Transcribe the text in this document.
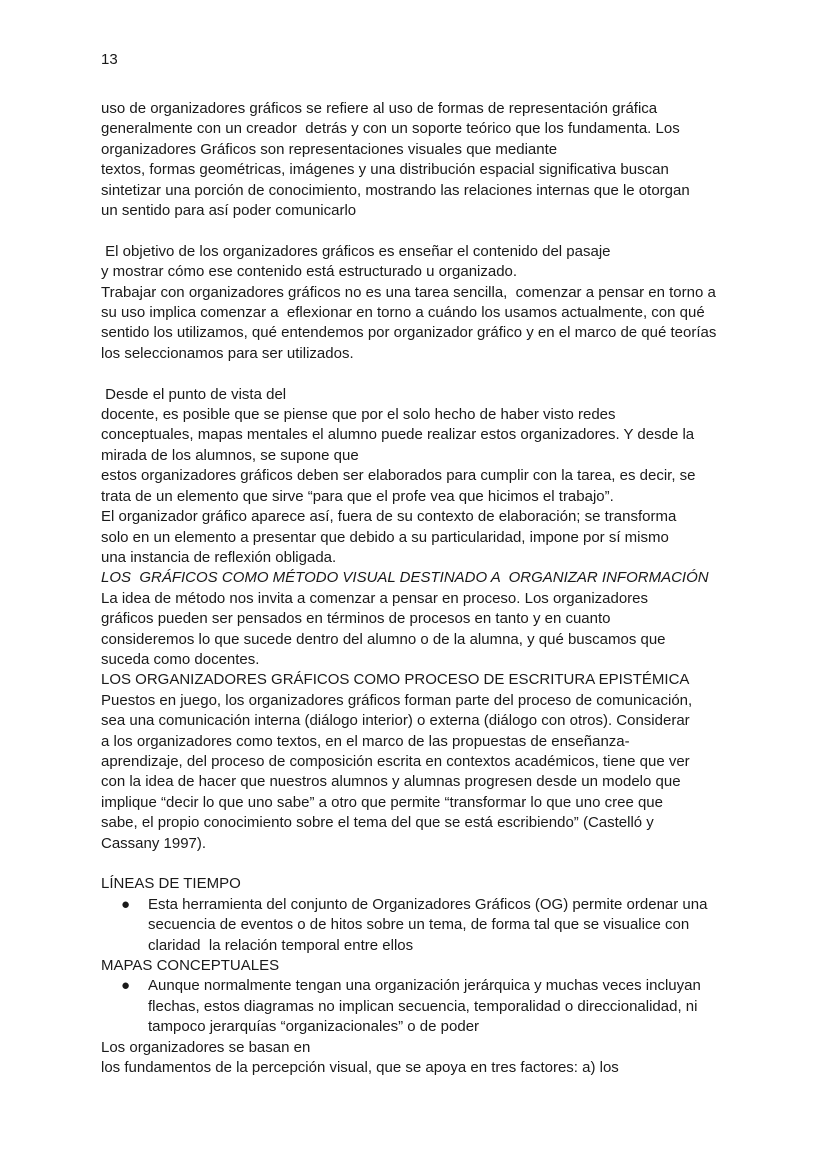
13
uso de organizadores gráficos se refiere al uso de formas de representación gráfica
generalmente con un creador  detrás y con un soporte teórico que los fundamenta. Los
organizadores Gráficos son representaciones visuales que mediante
textos, formas geométricas, imágenes y una distribución espacial significativa buscan
sintetizar una porción de conocimiento, mostrando las relaciones internas que le otorgan
un sentido para así poder comunicarlo
El objetivo de los organizadores gráficos es enseñar el contenido del pasaje
y mostrar cómo ese contenido está estructurado u organizado.
Trabajar con organizadores gráficos no es una tarea sencilla,  comenzar a pensar en torno a
su uso implica comenzar a  eflexionar en torno a cuándo los usamos actualmente, con qué
sentido los utilizamos, qué entendemos por organizador gráfico y en el marco de qué teorías
los seleccionamos para ser utilizados.
Desde el punto de vista del
docente, es posible que se piense que por el solo hecho de haber visto redes
conceptuales, mapas mentales el alumno puede realizar estos organizadores. Y desde la
mirada de los alumnos, se supone que
estos organizadores gráficos deben ser elaborados para cumplir con la tarea, es decir, se
trata de un elemento que sirve “para que el profe vea que hicimos el trabajo”.
El organizador gráfico aparece así, fuera de su contexto de elaboración; se transforma
solo en un elemento a presentar que debido a su particularidad, impone por sí mismo
una instancia de reflexión obligada.
LOS  GRÁFICOS COMO MÉTODO VISUAL DESTINADO A  ORGANIZAR INFORMACIÓN
La idea de método nos invita a comenzar a pensar en proceso. Los organizadores
gráficos pueden ser pensados en términos de procesos en tanto y en cuanto
consideremos lo que sucede dentro del alumno o de la alumna, y qué buscamos que
suceda como docentes.
LOS ORGANIZADORES GRÁFICOS COMO PROCESO DE ESCRITURA EPISTÉMICA
Puestos en juego, los organizadores gráficos forman parte del proceso de comunicación,
sea una comunicación interna (diálogo interior) o externa (diálogo con otros). Considerar
a los organizadores como textos, en el marco de las propuestas de enseñanza-
aprendizaje, del proceso de composición escrita en contextos académicos, tiene que ver
con la idea de hacer que nuestros alumnos y alumnas progresen desde un modelo que
implique “decir lo que uno sabe” a otro que permite “transformar lo que uno cree que
sabe, el propio conocimiento sobre el tema del que se está escribiendo” (Castelló y
Cassany 1997).
LÍNEAS DE TIEMPO
● Esta herramienta del conjunto de Organizadores Gráficos (OG) permite ordenar una
secuencia de eventos o de hitos sobre un tema, de forma tal que se visualice con
claridad  la relación temporal entre ellos
MAPAS CONCEPTUALES
● Aunque normalmente tengan una organización jerárquica y muchas veces incluyan
flechas, estos diagramas no implican secuencia, temporalidad o direccionalidad, ni
tampoco jerarquías “organizacionales” o de poder
Los organizadores se basan en
los fundamentos de la percepción visual, que se apoya en tres factores: a) los
